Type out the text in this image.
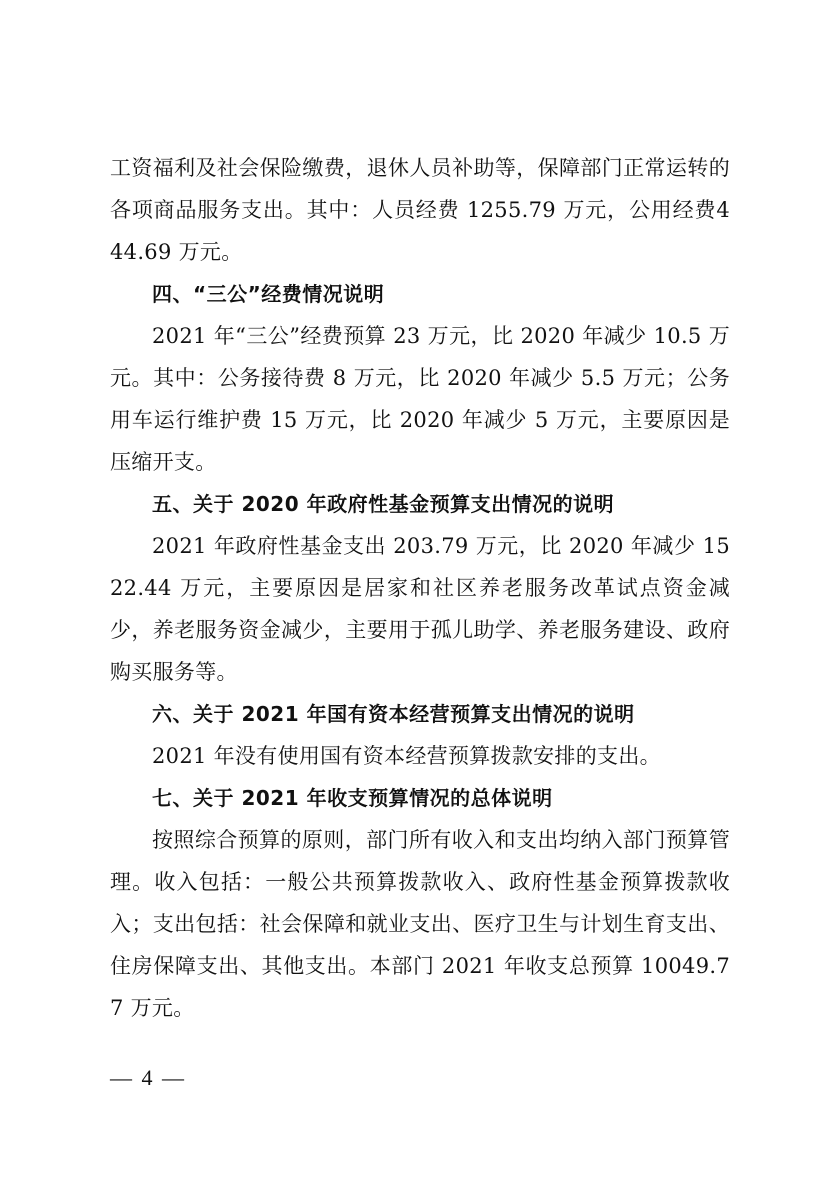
工资福利及社会保险缴费，退休人员补助等，保障部门正常运转的各项商品服务支出。其中：人员经费 1255.79 万元，公用经费444.69 万元。

四、“三公”经费情况说明

2021 年“三公”经费预算 23 万元，比 2020 年减少 10.5 万元。其中：公务接待费 8 万元，比 2020 年减少 5.5 万元；公务用车运行维护费 15 万元，比 2020 年减少 5 万元，主要原因是压缩开支。

五、关于 2020 年政府性基金预算支出情况的说明

2021 年政府性基金支出 203.79 万元，比 2020 年减少 1522.44 万元，主要原因是居家和社区养老服务改革试点资金减少，养老服务资金减少，主要用于孤儿助学、养老服务建设、政府购买服务等。

六、关于 2021 年国有资本经营预算支出情况的说明

2021 年没有使用国有资本经营预算拨款安排的支出。

七、关于 2021 年收支预算情况的总体说明

按照综合预算的原则，部门所有收入和支出均纳入部门预算管理。收入包括：一般公共预算拨款收入、政府性基金预算拨款收入；支出包括：社会保障和就业支出、医疗卫生与计划生育支出、住房保障支出、其他支出。本部门 2021 年收支总预算 10049.77 万元。

— 4 —
